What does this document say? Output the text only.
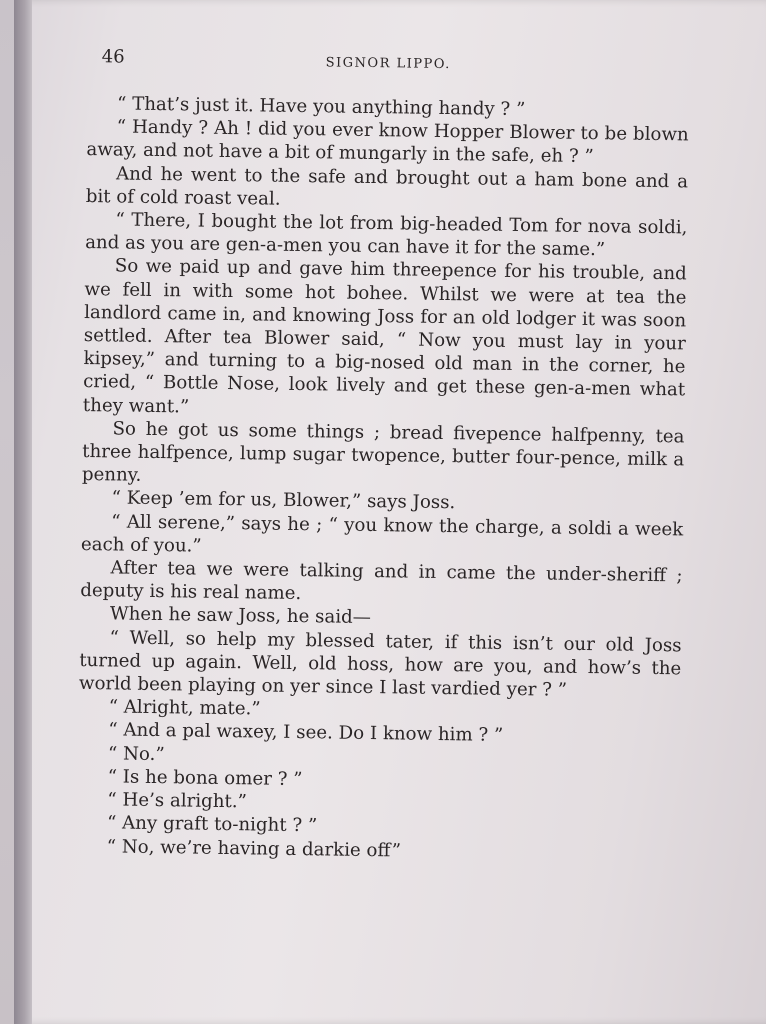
46	SIGNOR LIPPO.

“ That’s just it. Have you anything handy ? ”

“ Handy ? Ah ! did you ever know Hopper Blower to be blown away, and not have a bit of mungarly in the safe, eh ? ”

And he went to the safe and brought out a ham bone and a bit of cold roast veal.

“ There, I bought the lot from big-headed Tom for nova soldi, and as you are gen-a-men you can have it for the same.”

So we paid up and gave him threepence for his trouble, and we fell in with some hot bohee. Whilst we were at tea the landlord came in, and knowing Joss for an old lodger it was soon settled. After tea Blower said, “ Now you must lay in your kipsey,” and turning to a big-nosed old man in the corner, he cried, “ Bottle Nose, look lively and get these gen-a-men what they want.”

So he got us some things ; bread fivepence halfpenny, tea three halfpence, lump sugar twopence, butter four-pence, milk a penny.

“ Keep ’em for us, Blower,” says Joss.

“ All serene,” says he ; “ you know the charge, a soldi a week each of you.”

After tea we were talking and in came the under-sheriff ; deputy is his real name.

When he saw Joss, he said—

“ Well, so help my blessed tater, if this isn’t our old Joss turned up again. Well, old hoss, how are you, and how’s the world been playing on yer since I last vardied yer ? ”

“ Alright, mate.”

“ And a pal waxey, I see. Do I know him ? ”

“ No.”

“ Is he bona omer ? ”

“ He’s alright.”

“ Any graft to-night ? ”

“ No, we’re having a darkie off”
